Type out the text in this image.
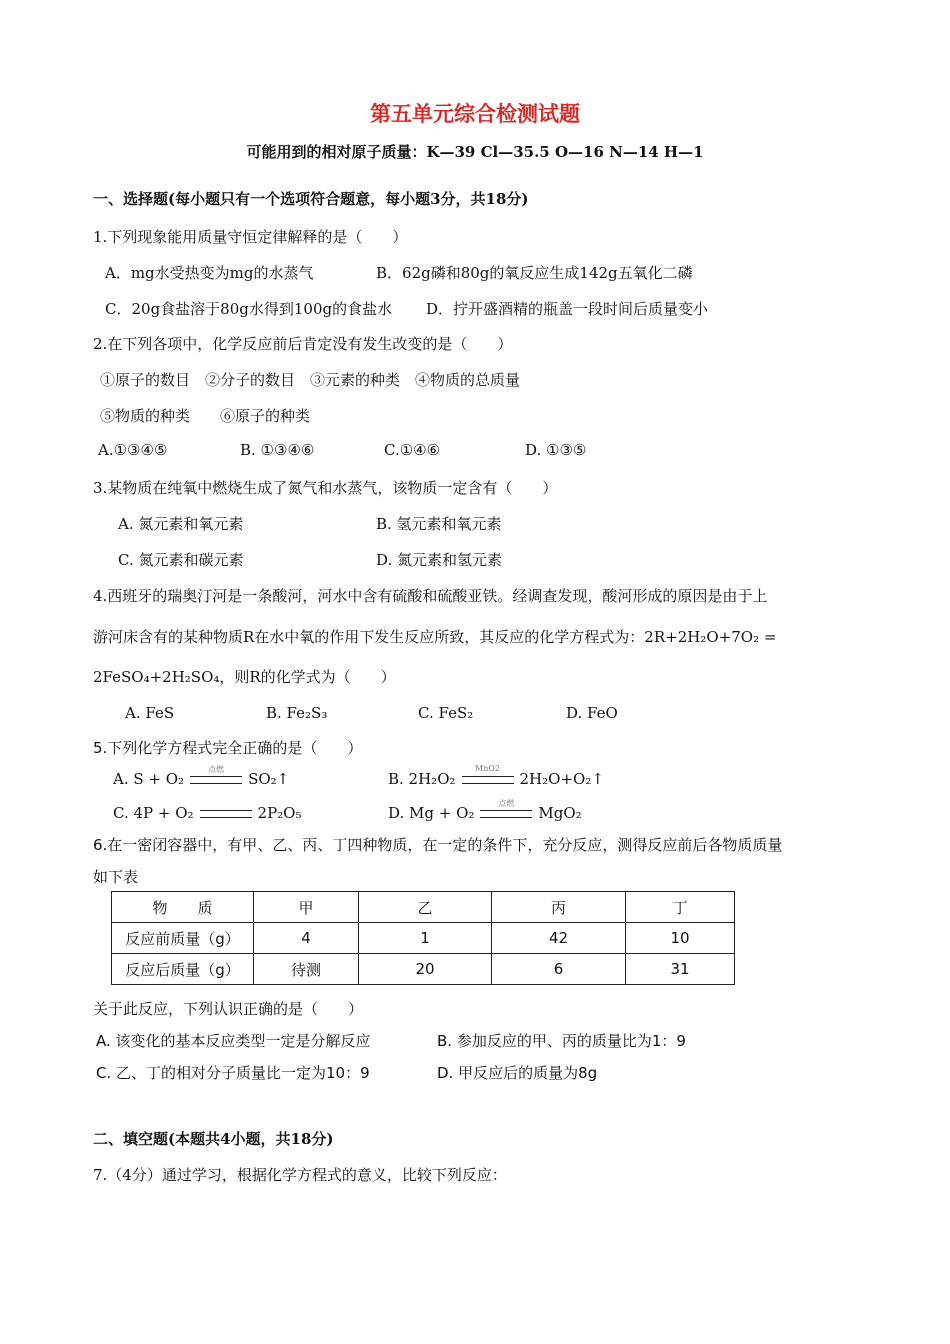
第五单元综合检测试题
可能用到的相对原子质量：K—39 Cl—35.5 O—16 N—14 H—1
一、选择题(每小题只有一个选项符合题意，每小题3分，共18分)
1.下列现象能用质量守恒定律解释的是（　　）
A．mg水受热变为mg的水蒸气	B．62g磷和80g的氧反应生成142g五氧化二磷
C．20g食盐溶于80g水得到100g的食盐水 D．拧开盛酒精的瓶盖一段时间后质量变小
2.在下列各项中，化学反应前后肯定没有发生改变的是（　　）
①原子的数目　②分子的数目　③元素的种类　④物质的总质量
⑤物质的种类　　⑥原子的种类
A.①③④⑤	B. ①③④⑥	C.①④⑥	D. ①③⑤
3.某物质在纯氧中燃烧生成了氮气和水蒸气，该物质一定含有（　　）
A. 氮元素和氧元素	B. 氢元素和氧元素
C. 氮元素和碳元素	D. 氮元素和氢元素
4.西班牙的瑞奥汀河是一条酸河，河水中含有硫酸和硫酸亚铁。经调查发现，酸河形成的原因是由于上
游河床含有的某种物质R在水中氧的作用下发生反应所致，其反应的化学方程式为：2R+2H₂O+7O₂ =
2FeSO₄+2H₂SO₄，则R的化学式为（　　）
A. FeS	B. Fe₂S₃	C. FeS₂	D. FeO
5.下列化学方程式完全正确的是（　　）
A. S + O₂
点燃
SO₂↑	B. 2H₂O₂
MnO2
2H₂O+O₂↑
C. 4P + O₂	2P₂O₅	D. Mg + O₂
点燃
MgO₂
6.在一密闭容器中，有甲、乙、丙、丁四种物质，在一定的条件下，充分反应，测得反应前后各物质质量
如下表
物　　质	甲	乙	丙	丁
反应前质量（g）	4	1	42	10
反应后质量（g）	待测	20	6	31
关于此反应，下列认识正确的是（　　）
A. 该变化的基本反应类型一定是分解反应	B. 参加反应的甲、丙的质量比为1：9
C. 乙、丁的相对分子质量比一定为10：9	D. 甲反应后的质量为8g
二、填空题(本题共4小题，共18分)
7.（4分）通过学习，根据化学方程式的意义，比较下列反应：
